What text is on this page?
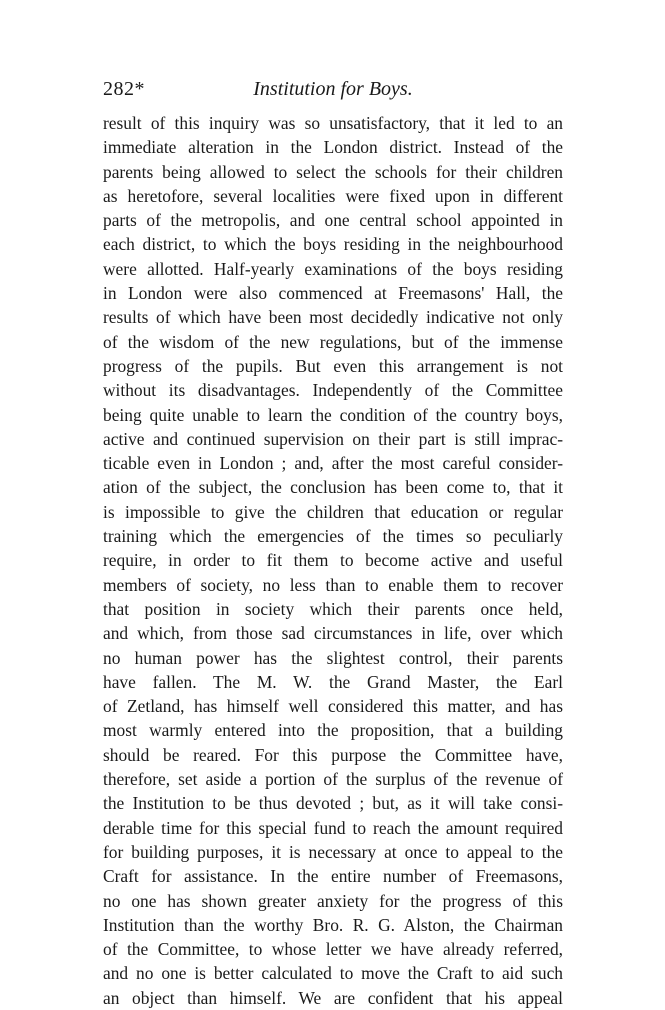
282*	Institution for Boys.
result of this inquiry was so unsatisfactory, that it led to an
immediate alteration in the London district. Instead of the
parents being allowed to select the schools for their children
as heretofore, several localities were fixed upon in different
parts of the metropolis, and one central school appointed in
each district, to which the boys residing in the neighbourhood
were allotted. Half-yearly examinations of the boys residing
in London were also commenced at Freemasons' Hall, the
results of which have been most decidedly indicative not only
of the wisdom of the new regulations, but of the immense
progress of the pupils. But even this arrangement is not
without its disadvantages. Independently of the Committee
being quite unable to learn the condition of the country boys,
active and continued supervision on their part is still imprac-
ticable even in London ; and, after the most careful consider-
ation of the subject, the conclusion has been come to, that it
is impossible to give the children that education or regular
training which the emergencies of the times so peculiarly
require, in order to fit them to become active and useful
members of society, no less than to enable them to recover
that position in society which their parents once held,
and which, from those sad circumstances in life, over which
no human power has the slightest control, their parents
have fallen. The M. W. the Grand Master, the Earl
of Zetland, has himself well considered this matter, and has
most warmly entered into the proposition, that a building
should be reared. For this purpose the Committee have,
therefore, set aside a portion of the surplus of the revenue of
the Institution to be thus devoted ; but, as it will take consi-
derable time for this special fund to reach the amount required
for building purposes, it is necessary at once to appeal to the
Craft for assistance. In the entire number of Freemasons,
no one has shown greater anxiety for the progress of this
Institution than the worthy Bro. R. G. Alston, the Chairman
of the Committee, to whose letter we have already referred,
and no one is better calculated to move the Craft to aid such
an object than himself. We are confident that his appeal
